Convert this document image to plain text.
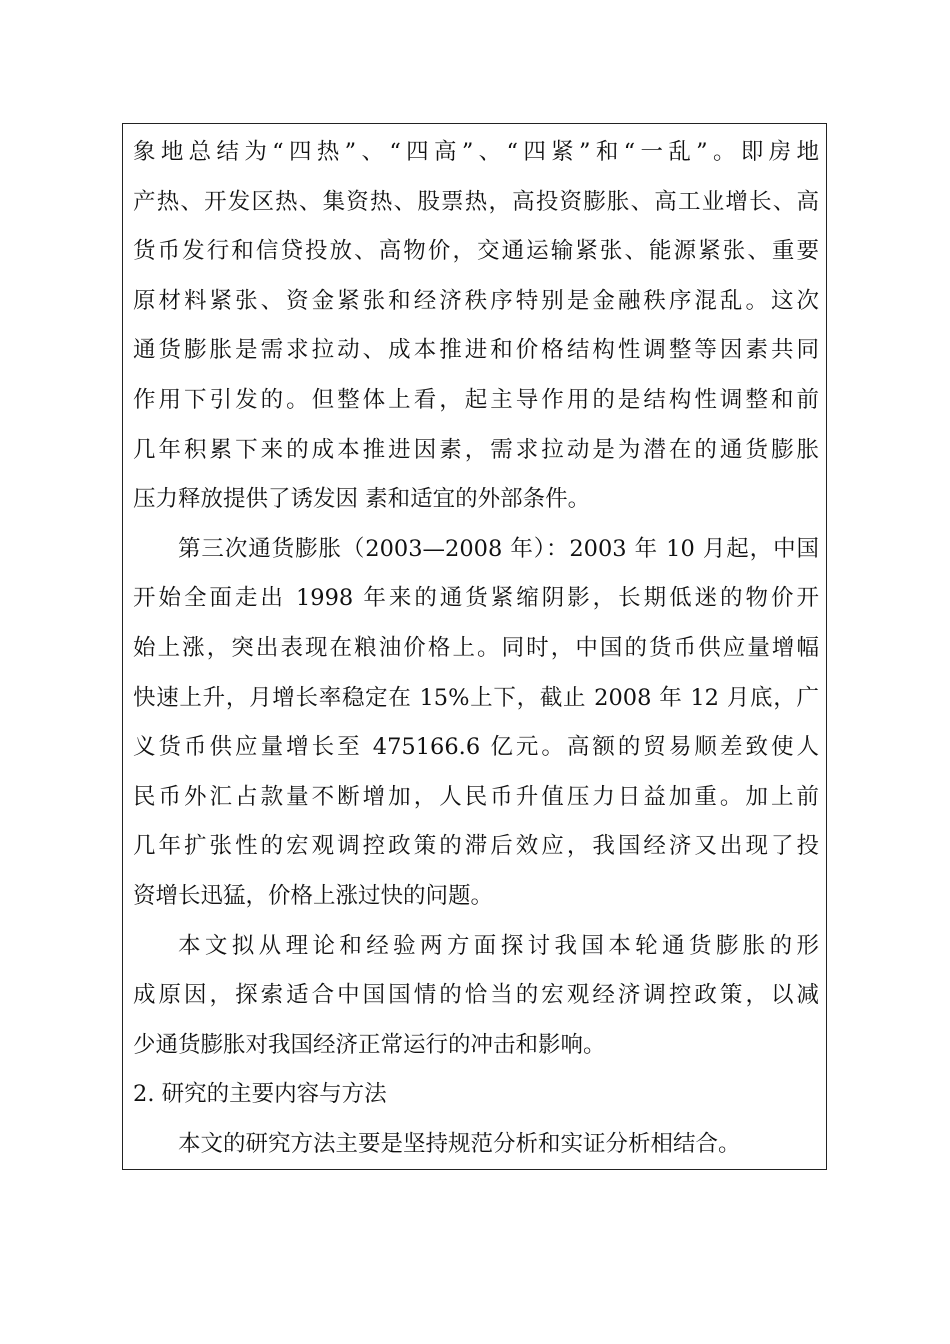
象地总结为“四热”、“四高”、“四紧”和“一乱”。即房地
产热、开发区热、集资热、股票热，高投资膨胀、高工业增长、高
货币发行和信贷投放、高物价，交通运输紧张、能源紧张、重要
原材料紧张、资金紧张和经济秩序特别是金融秩序混乱。这次
通货膨胀是需求拉动、成本推进和价格结构性调整等因素共同
作用下引发的。但整体上看，起主导作用的是结构性调整和前
几年积累下来的成本推进因素，需求拉动是为潜在的通货膨胀
压力释放提供了诱发因 素和适宜的外部条件。
第三次通货膨胀（2003—2008 年）：2003 年 10 月起，中国
开始全面走出 1998 年来的通货紧缩阴影，长期低迷的物价开
始上涨，突出表现在粮油价格上。同时，中国的货币供应量增幅
快速上升，月增长率稳定在 15%上下，截止 2008 年 12 月底，广
义货币供应量增长至 475166.6 亿元。高额的贸易顺差致使人
民币外汇占款量不断增加，人民币升值压力日益加重。加上前
几年扩张性的宏观调控政策的滞后效应，我国经济又出现了投
资增长迅猛，价格上涨过快的问题。
本文拟从理论和经验两方面探讨我国本轮通货膨胀的形
成原因，探索适合中国国情的恰当的宏观经济调控政策，以减
少通货膨胀对我国经济正常运行的冲击和影响。
2. 研究的主要内容与方法
本文的研究方法主要是坚持规范分析和实证分析相结合。
